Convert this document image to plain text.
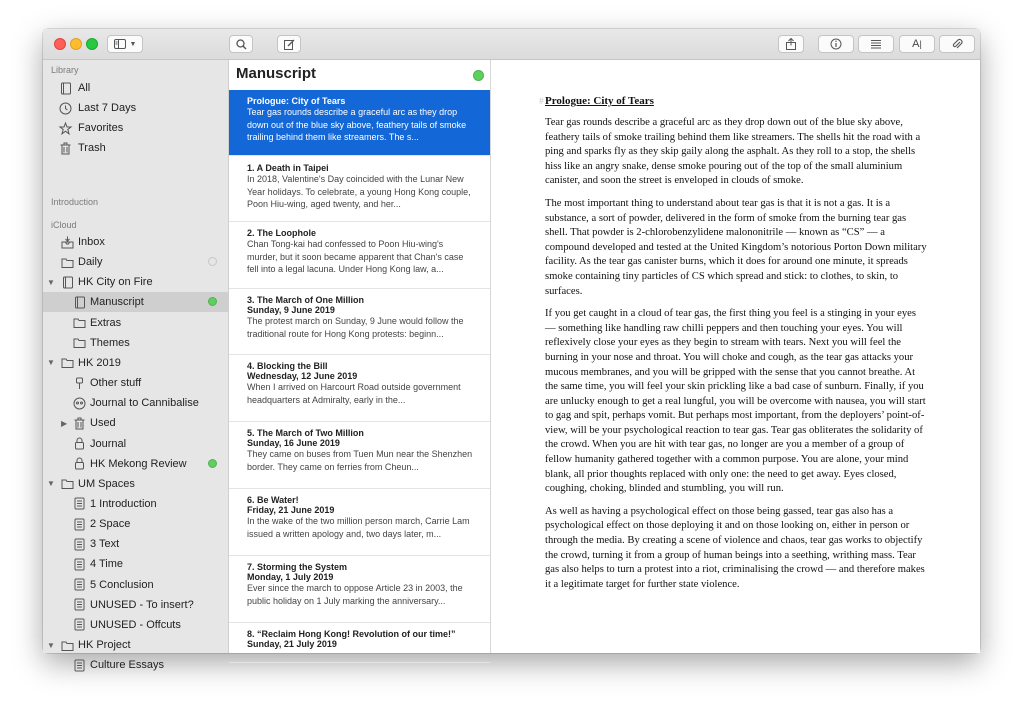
▼	A|
Library
All
Last 7 Days
Favorites
Trash
Introduction
iCloud
Inbox
Daily
▼ HK City on Fire
Manuscript
Extras
Themes
▼ HK 2019
Other stuff
Journal to Cannibalise
▶ Used
Journal
HK Mekong Review
▼ UM Spaces
1 Introduction
2 Space
3 Text
4 Time
5 Conclusion
UNUSED - To insert?
UNUSED - Offcuts
▼ HK Project
Culture Essays
Manuscript
Prologue: City of Tears
Tear gas rounds describe a graceful arc as they drop down out of the blue sky above, feathery tails of smoke trailing behind them like streamers. The s...
1. A Death in Taipei
In 2018, Valentine's Day coincided with the Lunar New Year holidays. To celebrate, a young Hong Kong couple, Poon Hiu-wing, aged twenty, and her...
2. The Loophole
Chan Tong-kai had confessed to Poon Hiu-wing's murder, but it soon became apparent that Chan's case fell into a legal lacuna. Under Hong Kong law, a...
3. The March of One Million
Sunday, 9 June 2019
The protest march on Sunday, 9 June would follow the traditional route for Hong Kong protests: beginn...
4. Blocking the Bill
Wednesday, 12 June 2019
When I arrived on Harcourt Road outside government headquarters at Admiralty, early in the...
5. The March of Two Million
Sunday, 16 June 2019
They came on buses from Tuen Mun near the Shenzhen border. They came on ferries from Cheun...
6. Be Water!
Friday, 21 June 2019
In the wake of the two million person march, Carrie Lam issued a written apology and, two days later, m...
7. Storming the System
Monday, 1 July 2019
Ever since the march to oppose Article 23 in 2003, the public holiday on 1 July marking the anniversary...
8. “Reclaim Hong Kong! Revolution of our time!”
Sunday, 21 July 2019
# Prologue: City of Tears

Tear gas rounds describe a graceful arc as they drop down out of the blue sky above, feathery tails of smoke trailing behind them like streamers. The shells hit the road with a ping and sparks fly as they skip gaily along the asphalt. As they roll to a stop, the shells hiss like an angry snake, dense smoke pouring out of the top of the small aluminium canister, and soon the street is enveloped in clouds of smoke.

The most important thing to understand about tear gas is that it is not a gas. It is a substance, a sort of powder, delivered in the form of smoke from the burning tear gas shell. That powder is 2-chlorobenzylidene malononitrile — known as “CS” — a compound developed and tested at the United Kingdom’s notorious Porton Down military facility. As the tear gas canister burns, which it does for around one minute, it spreads smoke containing tiny particles of CS which spread and stick: to clothes, to skin, to surfaces.

If you get caught in a cloud of tear gas, the first thing you feel is a stinging in your eyes — something like handling raw chilli peppers and then touching your eyes. You will reflexively close your eyes as they begin to stream with tears. Next you will feel the burning in your nose and throat. You will choke and cough, as the tear gas attacks your mucous membranes, and you will be gripped with the sense that you cannot breathe. At the same time, you will feel your skin prickling like a bad case of sunburn. Finally, if you are unlucky enough to get a real lungful, you will be overcome with nausea, you will start to gag and spit, perhaps vomit. But perhaps most important, from the deployers’ point-of-view, will be your psychological reaction to tear gas. Tear gas obliterates the solidarity of the crowd. When you are hit with tear gas, no longer are you a member of a group of fellow humanity gathered together with a common purpose. You are alone, your mind blank, all prior thoughts replaced with only one: the need to get away. Eyes closed, coughing, choking, blinded and stumbling, you will run.

As well as having a psychological effect on those being gassed, tear gas also has a psychological effect on those deploying it and on those looking on, either in person or through the media. By creating a scene of violence and chaos, tear gas works to objectify the crowd, turning it from a group of human beings into a seething, writhing mass. Tear gas also helps to turn a protest into a riot, criminalising the crowd — and therefore makes it a legitimate target for further state violence.
